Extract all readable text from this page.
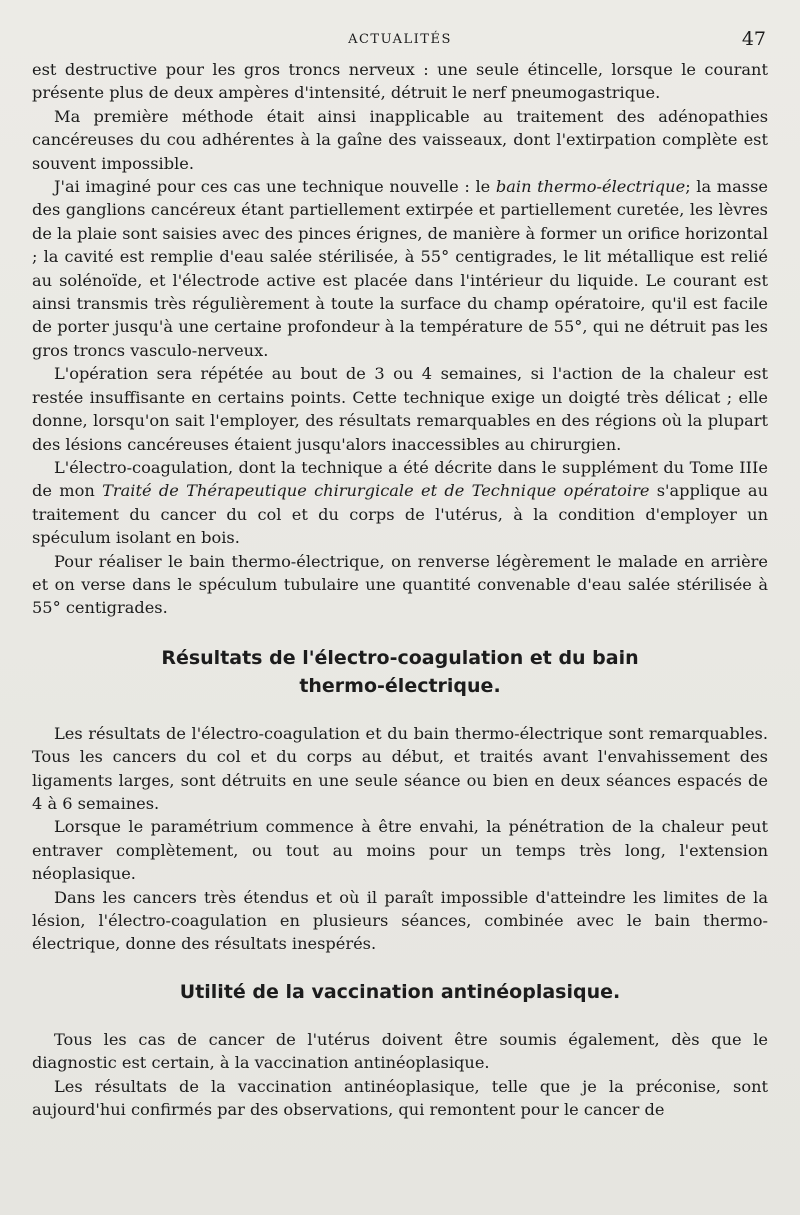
ACTUALITÉS	47

est destructive pour les gros troncs nerveux : une seule étincelle, lorsque le courant présente plus de deux ampères d'intensité, détruit le nerf pneumogastrique.

Ma première méthode était ainsi inapplicable au traitement des adénopathies cancéreuses du cou adhérentes à la gaîne des vaisseaux, dont l'extirpation complète est souvent impossible.

J'ai imaginé pour ces cas une technique nouvelle : le bain thermo-électrique; la masse des ganglions cancéreux étant partiellement extirpée et partiellement curetée, les lèvres de la plaie sont saisies avec des pinces érignes, de manière à former un orifice horizontal ; la cavité est remplie d'eau salée stérilisée, à 55° centigrades, le lit métallique est relié au solénoïde, et l'électrode active est placée dans l'intérieur du liquide. Le courant est ainsi transmis très régulièrement à toute la surface du champ opératoire, qu'il est facile de porter jusqu'à une certaine profondeur à la température de 55°, qui ne détruit pas les gros troncs vasculo-nerveux.

L'opération sera répétée au bout de 3 ou 4 semaines, si l'action de la chaleur est restée insuffisante en certains points. Cette technique exige un doigté très délicat ; elle donne, lorsqu'on sait l'employer, des résultats remarquables en des régions où la plupart des lésions cancéreuses étaient jusqu'alors inaccessibles au chirurgien.

L'électro-coagulation, dont la technique a été décrite dans le supplément du Tome IIIe de mon Traité de Thérapeutique chirurgicale et de Technique opératoire s'applique au traitement du cancer du col et du corps de l'utérus, à la condition d'employer un spéculum isolant en bois.

Pour réaliser le bain thermo-électrique, on renverse légèrement le malade en arrière et on verse dans le spéculum tubulaire une quantité convenable d'eau salée stérilisée à 55° centigrades.

Résultats de l'électro-coagulation et du bain
thermo-électrique.

Les résultats de l'électro-coagulation et du bain thermo-électrique sont remarquables. Tous les cancers du col et du corps au début, et traités avant l'envahissement des ligaments larges, sont détruits en une seule séance ou bien en deux séances espacés de 4 à 6 semaines.

Lorsque le paramétrium commence à être envahi, la pénétration de la chaleur peut entraver complètement, ou tout au moins pour un temps très long, l'extension néoplasique.

Dans les cancers très étendus et où il paraît impossible d'atteindre les limites de la lésion, l'électro-coagulation en plusieurs séances, combinée avec le bain thermo-électrique, donne des résultats inespérés.

Utilité de la vaccination antinéoplasique.

Tous les cas de cancer de l'utérus doivent être soumis également, dès que le diagnostic est certain, à la vaccination antinéoplasique.

Les résultats de la vaccination antinéoplasique, telle que je la préconise, sont aujourd'hui confirmés par des observations, qui remontent pour le cancer de
